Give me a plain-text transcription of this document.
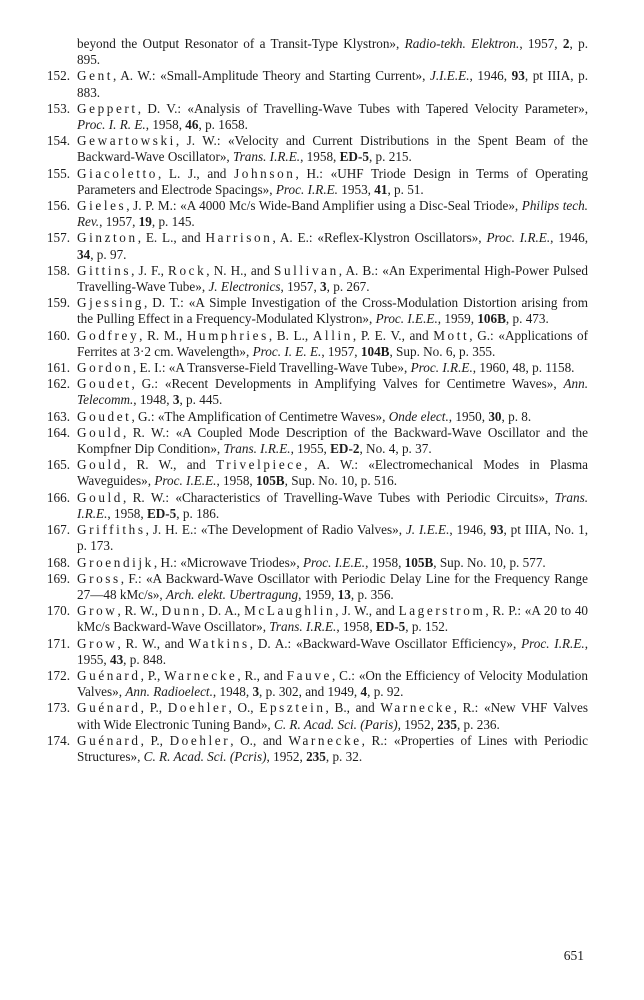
beyond the Output Resonator of a Transit-Type Klystron», Radio-tekh. Elektron., 1957, 2, p. 895.

152. Gent, A. W.: «Small-Amplitude Theory and Starting Current», J.I.E.E., 1946, 93, pt IIIA, p. 883.

153. Geppert, D. V.: «Analysis of Travelling-Wave Tubes with Tapered Velocity Parameter», Proc. I. R. E., 1958, 46, p. 1658.

154. Gewartowski, J. W.: «Velocity and Current Distributions in the Spent Beam of the Backward-Wave Oscillator», Trans. I.R.E., 1958, ED-5, p. 215.

155. Giacoletto, L. J., and Johnson, H.: «UHF Triode Design in Terms of Operating Parameters and Electrode Spacings», Proc. I.R.E. 1953, 41, p. 51.

156. Gieles, J. P. M.: «A 4000 Mc/s Wide-Band Amplifier using a Disc-Seal Triode», Philips tech. Rev., 1957, 19, p. 145.

157. Ginzton, E. L., and Harrison, A. E.: «Reflex-Klystron Oscillators», Proc. I.R.E., 1946, 34, p. 97.

158. Gittins, J. F., Rock, N. H., and Sullivan, A. B.: «An Experimental High-Power Pulsed Travelling-Wave Tube», J. Electronics, 1957, 3, p. 267.

159. Gjessing, D. T.: «A Simple Investigation of the Cross-Modulation Distortion arising from the Pulling Effect in a Frequency-Modulated Klystron», Proc. I.E.E., 1959, 106B, p. 473.

160. Godfrey, R. M., Humphries, B. L., Allin, P. E. V., and Mott, G.: «Applications of Ferrites at 3·2 cm. Wavelength», Proc. I. E. E., 1957, 104B, Sup. No. 6, p. 355.

161. Gordon, E. I.: «A Transverse-Field Travelling-Wave Tube», Proc. I.R.E., 1960, 48, p. 1158.

162. Goudet, G.: «Recent Developments in Amplifying Valves for Centimetre Waves», Ann. Telecomm., 1948, 3, p. 445.

163. Goudet, G.: «The Amplification of Centimetre Waves», Onde elect., 1950, 30, p. 8.

164. Gould, R. W.: «A Coupled Mode Description of the Backward-Wave Oscillator and the Kompfner Dip Condition», Trans. I.R.E., 1955, ED-2, No. 4, p. 37.

165. Gould, R. W., and Trivelpiece, A. W.: «Electromechanical Modes in Plasma Waveguides», Proc. I.E.E., 1958, 105B, Sup. No. 10, p. 516.

166. Gould, R. W.: «Characteristics of Travelling-Wave Tubes with Periodic Circuits», Trans. I.R.E., 1958, ED-5, p. 186.

167. Griffiths, J. H. E.: «The Development of Radio Valves», J. I.E.E., 1946, 93, pt IIIA, No. 1, p. 173.

168. Groendijk, H.: «Microwave Triodes», Proc. I.E.E., 1958, 105B, Sup. No. 10, p. 577.

169. Gross, F.: «A Backward-Wave Oscillator with Periodic Delay Line for the Frequency Range 27—48 kMc/s», Arch. elekt. Ubertragung, 1959, 13, p. 356.

170. Grow, R. W., Dunn, D. A., McLaughlin, J. W., and Lagerstrom, R. P.: «A 20 to 40 kMc/s Backward-Wave Oscillator», Trans. I.R.E., 1958, ED-5, p. 152.

171. Grow, R. W., and Watkins, D. A.: «Backward-Wave Oscillator Efficiency», Proc. I.R.E., 1955, 43, p. 848.

172. Guénard, P., Warnecke, R., and Fauve, C.: «On the Efficiency of Velocity Modulation Valves», Ann. Radioelect., 1948, 3, p. 302, and 1949, 4, p. 92.

173. Guénard, P., Doehler, O., Epsztein, B., and Warnecke, R.: «New VHF Valves with Wide Electronic Tuning Band», C. R. Acad. Sci. (Paris), 1952, 235, p. 236.

174. Guénard, P., Doehler, O., and Warnecke, R.: «Properties of Lines with Periodic Structures», C. R. Acad. Sci. (Pcris), 1952, 235, p. 32.

651
